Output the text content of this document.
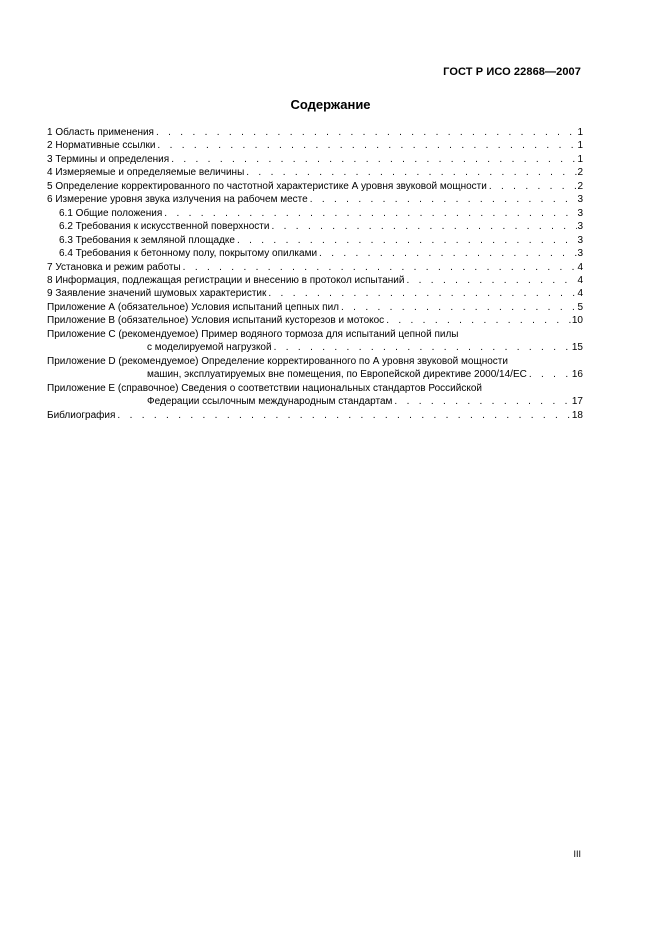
ГОСТ Р ИСО 22868—2007
Содержание
1 Область применения . . .	1
2 Нормативные ссылки . . .	1
3 Термины и определения . . .	1
4 Измеряемые и определяемые величины . . .	2
5 Определение корректированного по частотной характеристике А уровня звуковой мощности . . .	2
6 Измерение уровня звука излучения на рабочем месте . . .	3
6.1 Общие положения . . .	3
6.2 Требования к искусственной поверхности . . .	3
6.3 Требования к земляной площадке . . .	3
6.4 Требования к бетонному полу, покрытому опилками . . .	3
7 Установка и режим работы . . .	4
8 Информация, подлежащая регистрации и внесению в протокол испытаний . . .	4
9 Заявление значений шумовых характеристик . . .	4
Приложение А (обязательное) Условия испытаний цепных пил . . .	5
Приложение В (обязательное) Условия испытаний кусторезов и мотокос . . .	10
Приложение С (рекомендуемое) Пример водяного тормоза для испытаний цепной пилы
с моделируемой нагрузкой . . .	15
Приложение D (рекомендуемое) Определение корректированного по А уровня звуковой мощности
машин, эксплуатируемых вне помещения, по Европейской директиве 2000/14/ЕС . . .	16
Приложение Е (справочное) Сведения о соответствии национальных стандартов Российской
Федерации ссылочным международным стандартам . . .	17
Библиография . . .	18
III
